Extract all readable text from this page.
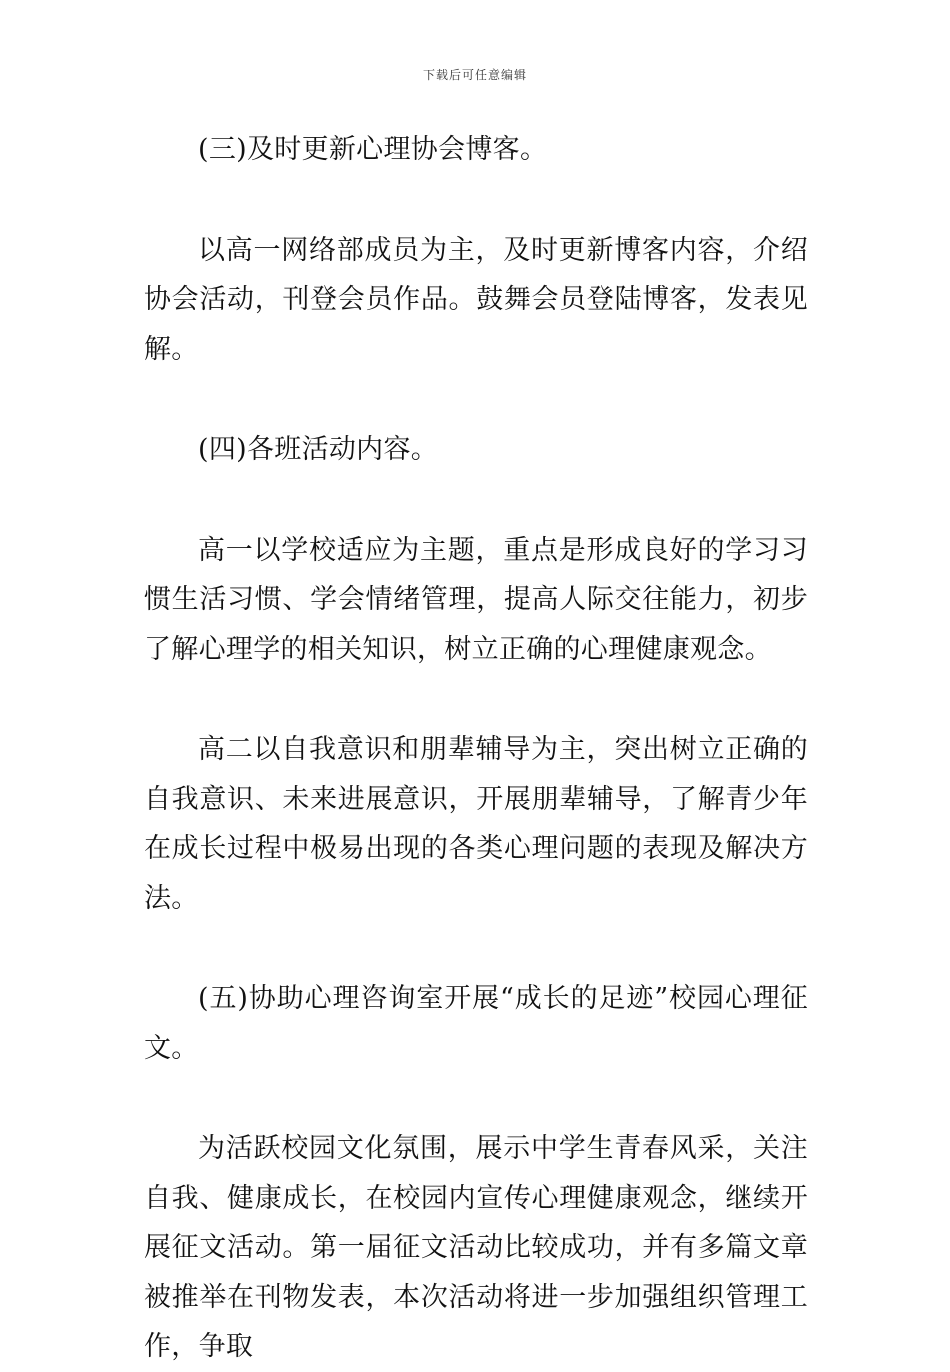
下载后可任意编辑

(三)及时更新心理协会博客。

以高一网络部成员为主，及时更新博客内容，介绍协会活动，刊登会员作品。鼓舞会员登陆博客，发表见解。

(四)各班活动内容。

高一以学校适应为主题，重点是形成良好的学习习惯生活习惯、学会情绪管理，提高人际交往能力，初步了解心理学的相关知识，树立正确的心理健康观念。

高二以自我意识和朋辈辅导为主，突出树立正确的自我意识、未来进展意识，开展朋辈辅导，了解青少年在成长过程中极易出现的各类心理问题的表现及解决方法。

(五)协助心理咨询室开展“成长的足迹”校园心理征文。

为活跃校园文化氛围，展示中学生青春风采，关注自我、健康成长，在校园内宣传心理健康观念，继续开展征文活动。第一届征文活动比较成功，并有多篇文章被推举在刊物发表，本次活动将进一步加强组织管理工作，争取
